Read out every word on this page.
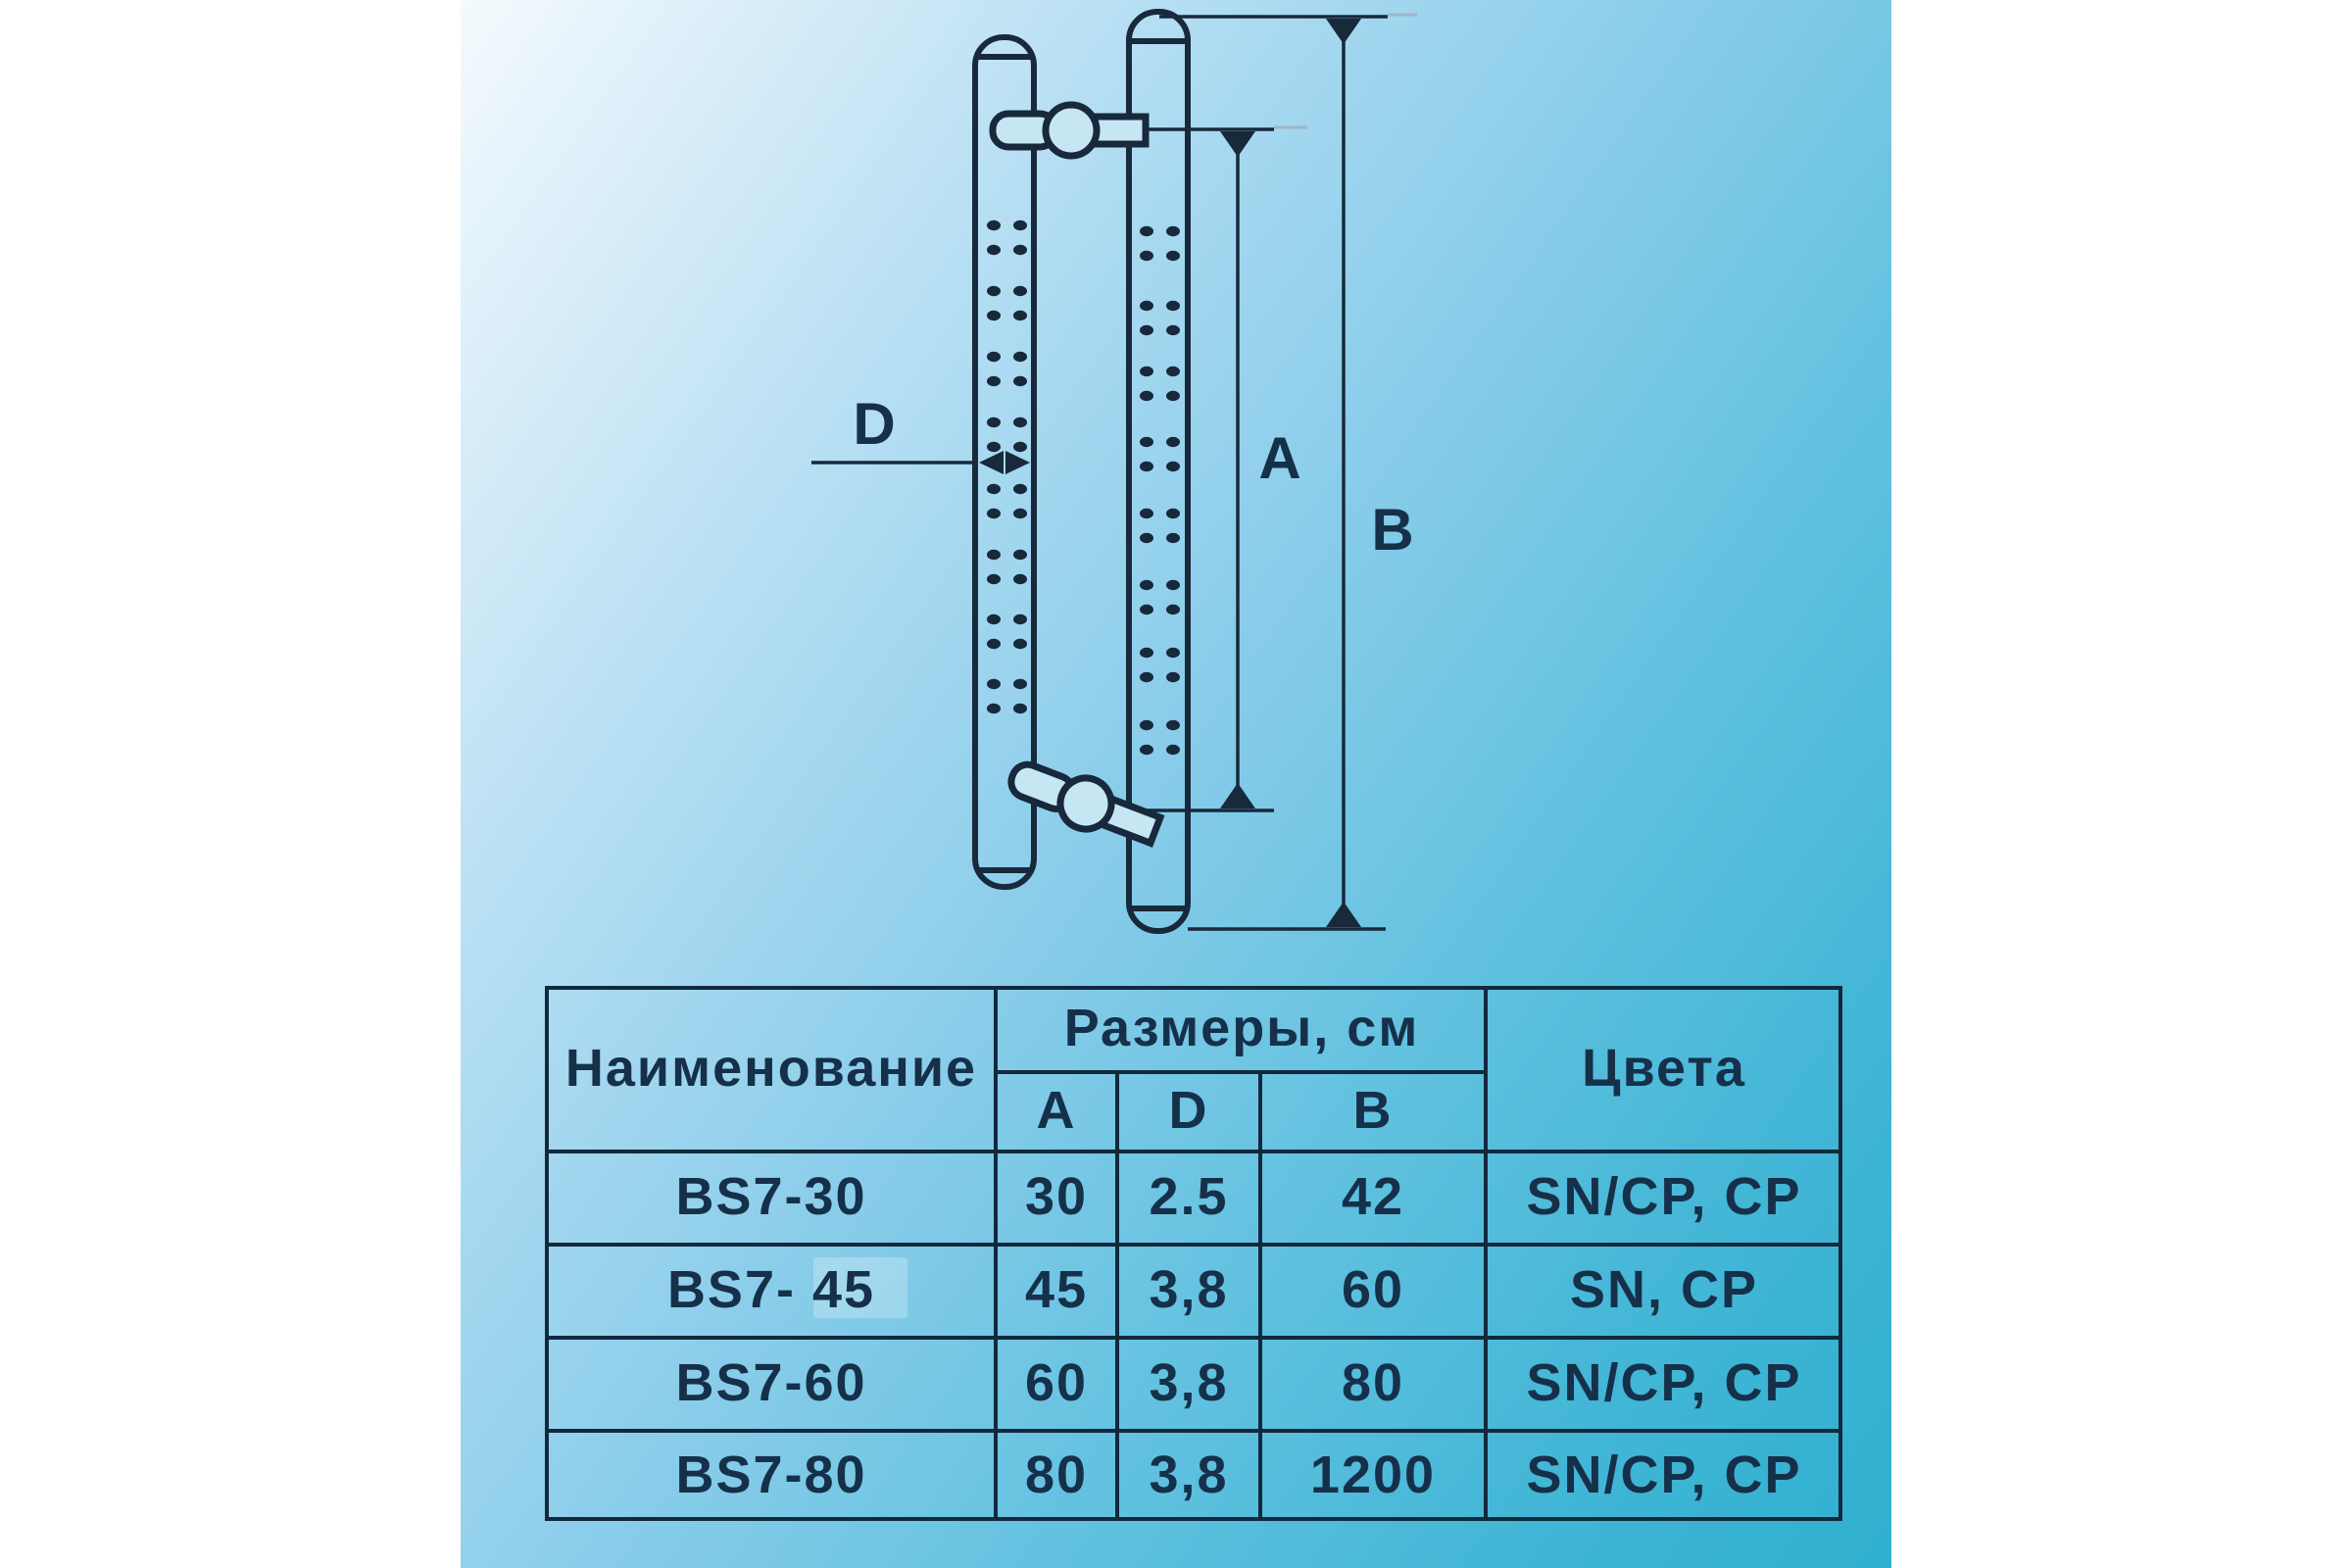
D
A
B
Наименование
Размеры, см
A	D	B
Цвета
BS7-30	30	2.5	42	SN/CP, CP
BS7- 45	45	3,8	60	SN, CP
BS7-60	60	3,8	80	SN/CP, CP
BS7-80	80	3,8	1200	SN/CP, CP
